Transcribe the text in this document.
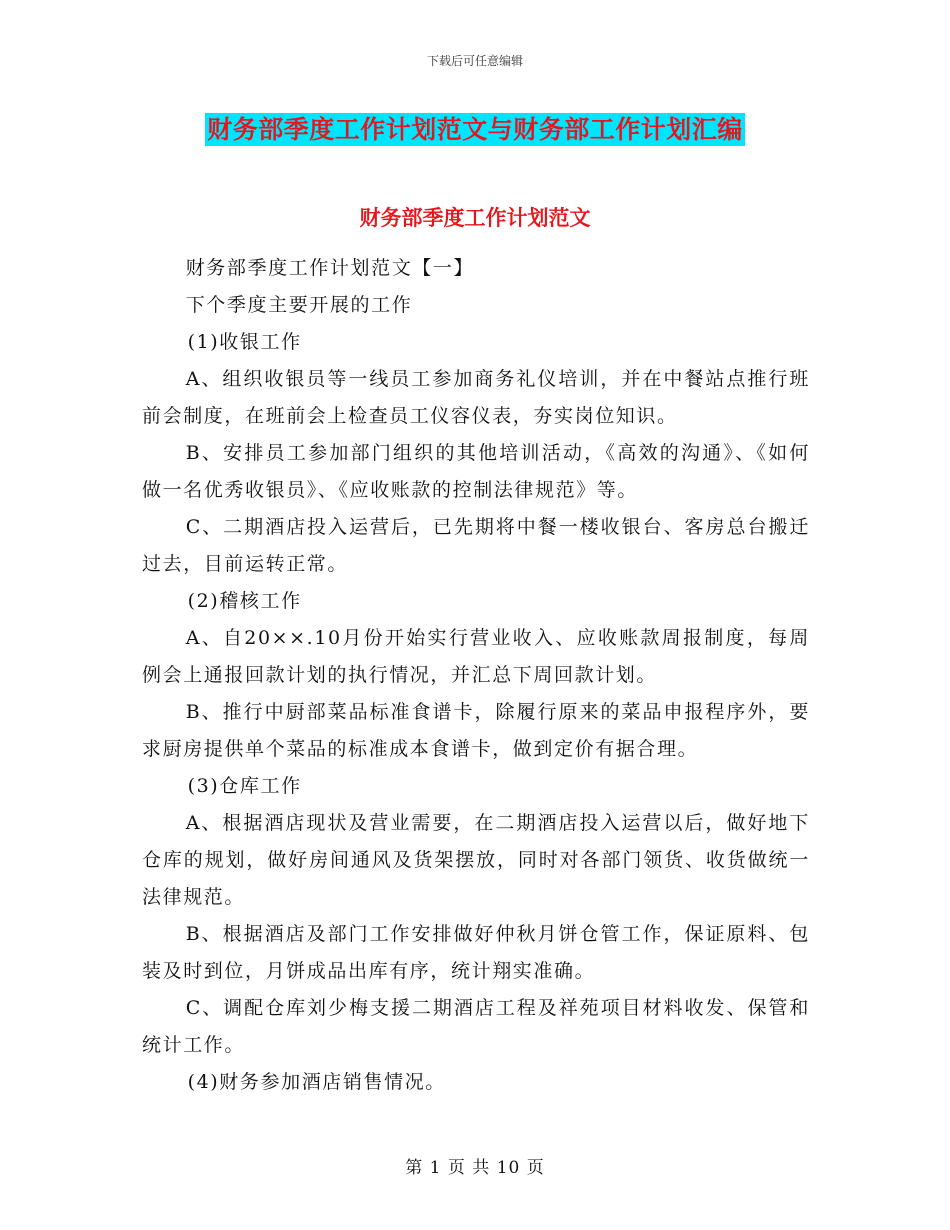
下载后可任意编辑
财务部季度工作计划范文与财务部工作计划汇编
财务部季度工作计划范文

财务部季度工作计划范文【一】

下个季度主要开展的工作

(1)收银工作

A、组织收银员等一线员工参加商务礼仪培训，并在中餐站点推行班前会制度，在班前会上检查员工仪容仪表，夯实岗位知识。

B、安排员工参加部门组织的其他培训活动，《高效的沟通》、《如何做一名优秀收银员》、《应收账款的控制法律规范》等。

C、二期酒店投入运营后，已先期将中餐一楼收银台、客房总台搬迁过去，目前运转正常。

(2)稽核工作

A、自20××.10月份开始实行营业收入、应收账款周报制度，每周例会上通报回款计划的执行情况，并汇总下周回款计划。

B、推行中厨部菜品标准食谱卡，除履行原来的菜品申报程序外，要求厨房提供单个菜品的标准成本食谱卡，做到定价有据合理。

(3)仓库工作

A、根据酒店现状及营业需要，在二期酒店投入运营以后，做好地下仓库的规划，做好房间通风及货架摆放，同时对各部门领货、收货做统一法律规范。

B、根据酒店及部门工作安排做好仲秋月饼仓管工作，保证原料、包装及时到位，月饼成品出库有序，统计翔实准确。

C、调配仓库刘少梅支援二期酒店工程及祥苑项目材料收发、保管和统计工作。

(4)财务参加酒店销售情况。

第 1 页 共 10 页
